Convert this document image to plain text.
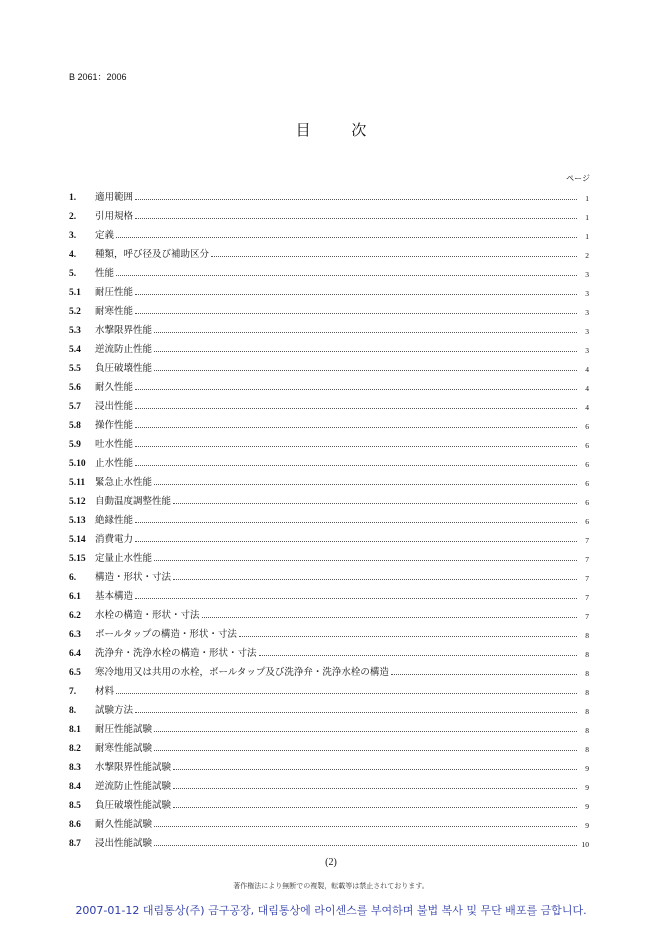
B 2061：2006
目 次
ページ
1.	適用範囲	1
2.	引用規格	1
3.	定義	1
4.	種類，呼び径及び補助区分	2
5.	性能	3
5.1	耐圧性能	3
5.2	耐寒性能	3
5.3	水撃限界性能	3
5.4	逆流防止性能	3
5.5	負圧破壊性能	4
5.6	耐久性能	4
5.7	浸出性能	4
5.8	操作性能	6
5.9	吐水性能	6
5.10 止水性能	6
5.11	緊急止水性能	6
5.12 自動温度調整性能	6
5.13 絶縁性能	6
5.14 消費電力	7
5.15 定量止水性能	7
6.	構造・形状・寸法	7
6.1	基本構造	7
6.2	水栓の構造・形状・寸法	7
6.3	ボールタップの構造・形状・寸法	8
6.4	洗浄弁・洗浄水栓の構造・形状・寸法	8
6.5	寒冷地用又は共用の水栓，ボールタップ及び洗浄弁・洗浄水栓の構造	8
7.	材料	8
8.	試験方法	8
8.1	耐圧性能試験	8
8.2	耐寒性能試験	8
8.3	水撃限界性能試験	9
8.4	逆流防止性能試験	9
8.5	負圧破壊性能試験	9
8.6	耐久性能試験	9
8.7	浸出性能試験	10
(2)
著作権法により無断での複製，転載等は禁止されております。
2007-01-12 대림통상(주) 금구공장, 대림통상에 라이센스를 부여하며 불법 복사 및 무단 배포를 금합니다.
